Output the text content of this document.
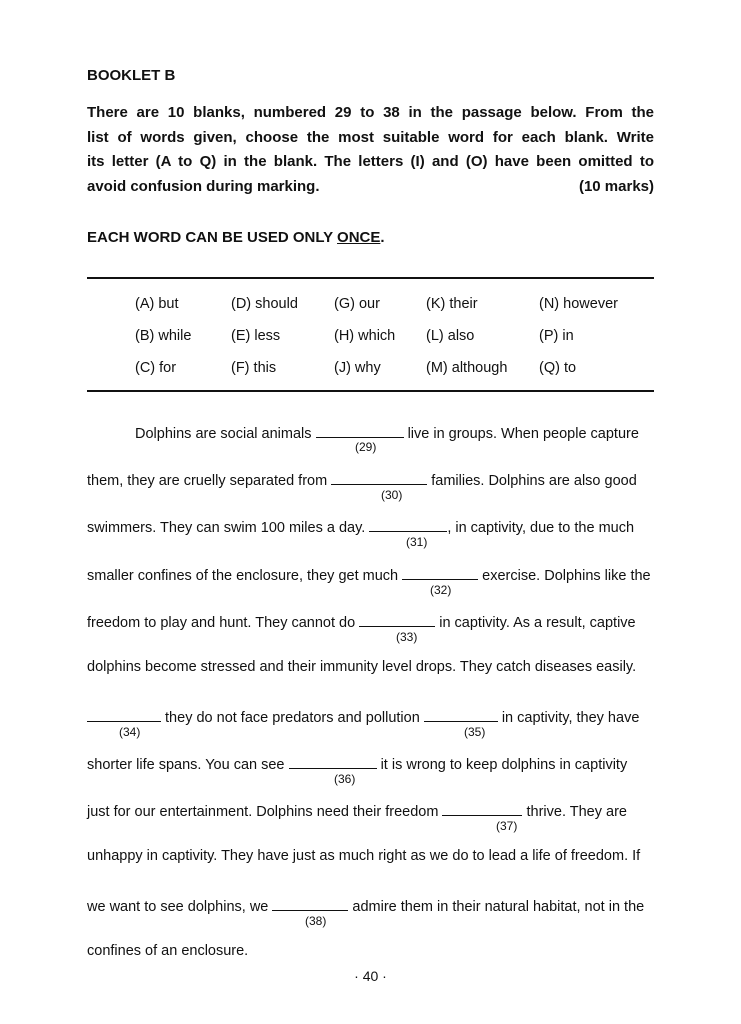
BOOKLET B
There are 10 blanks, numbered 29 to 38 in the passage below. From the
list of words given, choose the most suitable word for each blank. Write
its letter (A to Q) in the blank. The letters (I) and (O) have been omitted to
avoid confusion during marking.	(10 marks)
EACH WORD CAN BE USED ONLY ONCE.
(A) but	(D) should (G) our	(K) their	(N) however
(B) while	(E) less	(H) which (L) also	(P) in
(C) for	(F) this	(J) why	(M) although (Q) to
Dolphins are social animals	live in groups. When people capture
(29)
them, they are cruelly separated from	families. Dolphins are also good
(30)
swimmers. They can swim 100 miles a day.	, in captivity, due to the much
(31)
smaller confines of the enclosure, they get much	exercise. Dolphins like the
(32)
freedom to play and hunt. They cannot do	in captivity. As a result, captive
(33)
dolphins become stressed and their immunity level drops. They catch diseases easily.
they do not face predators and pollution	in captivity, they have
(34)	(35)
shorter life spans. You can see	it is wrong to keep dolphins in captivity
(36)
just for our entertainment. Dolphins need their freedom	thrive. They are
(37)
unhappy in captivity. They have just as much right as we do to lead a life of freedom. If
we want to see dolphins, we	admire them in their natural habitat, not in the
(38)
confines of an enclosure.
· 40 ·
